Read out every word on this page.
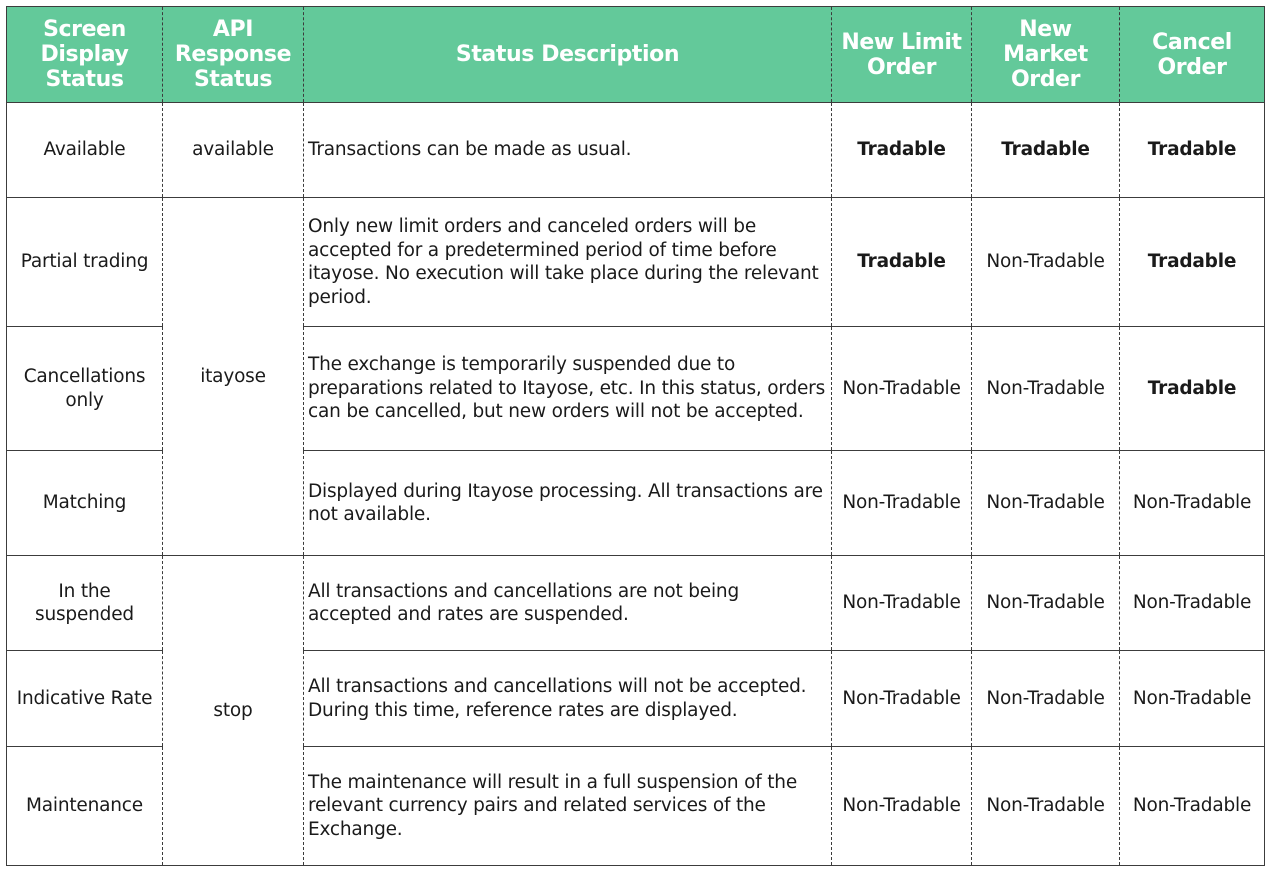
Screen Display Status	API Response Status	Status Description	New Limit Order	New Market Order	Cancel Order
Available	available	Transactions can be made as usual.	Tradable	Tradable	Tradable
Partial trading	itayose	Only new limit orders and canceled orders will be accepted for a predetermined period of time before itayose. No execution will take place during the relevant period.	Tradable	Non-Tradable	Tradable
Cancellations only		The exchange is temporarily suspended due to preparations related to Itayose, etc. In this status, orders can be cancelled, but new orders will not be accepted.	Non-Tradable	Non-Tradable	Tradable
Matching		Displayed during Itayose processing. All transactions are not available.	Non-Tradable	Non-Tradable	Non-Tradable
In the suspended	stop	All transactions and cancellations are not being accepted and rates are suspended.	Non-Tradable	Non-Tradable	Non-Tradable
Indicative Rate		All transactions and cancellations will not be accepted. During this time, reference rates are displayed.	Non-Tradable	Non-Tradable	Non-Tradable
Maintenance		The maintenance will result in a full suspension of the relevant currency pairs and related services of the Exchange.	Non-Tradable	Non-Tradable	Non-Tradable
